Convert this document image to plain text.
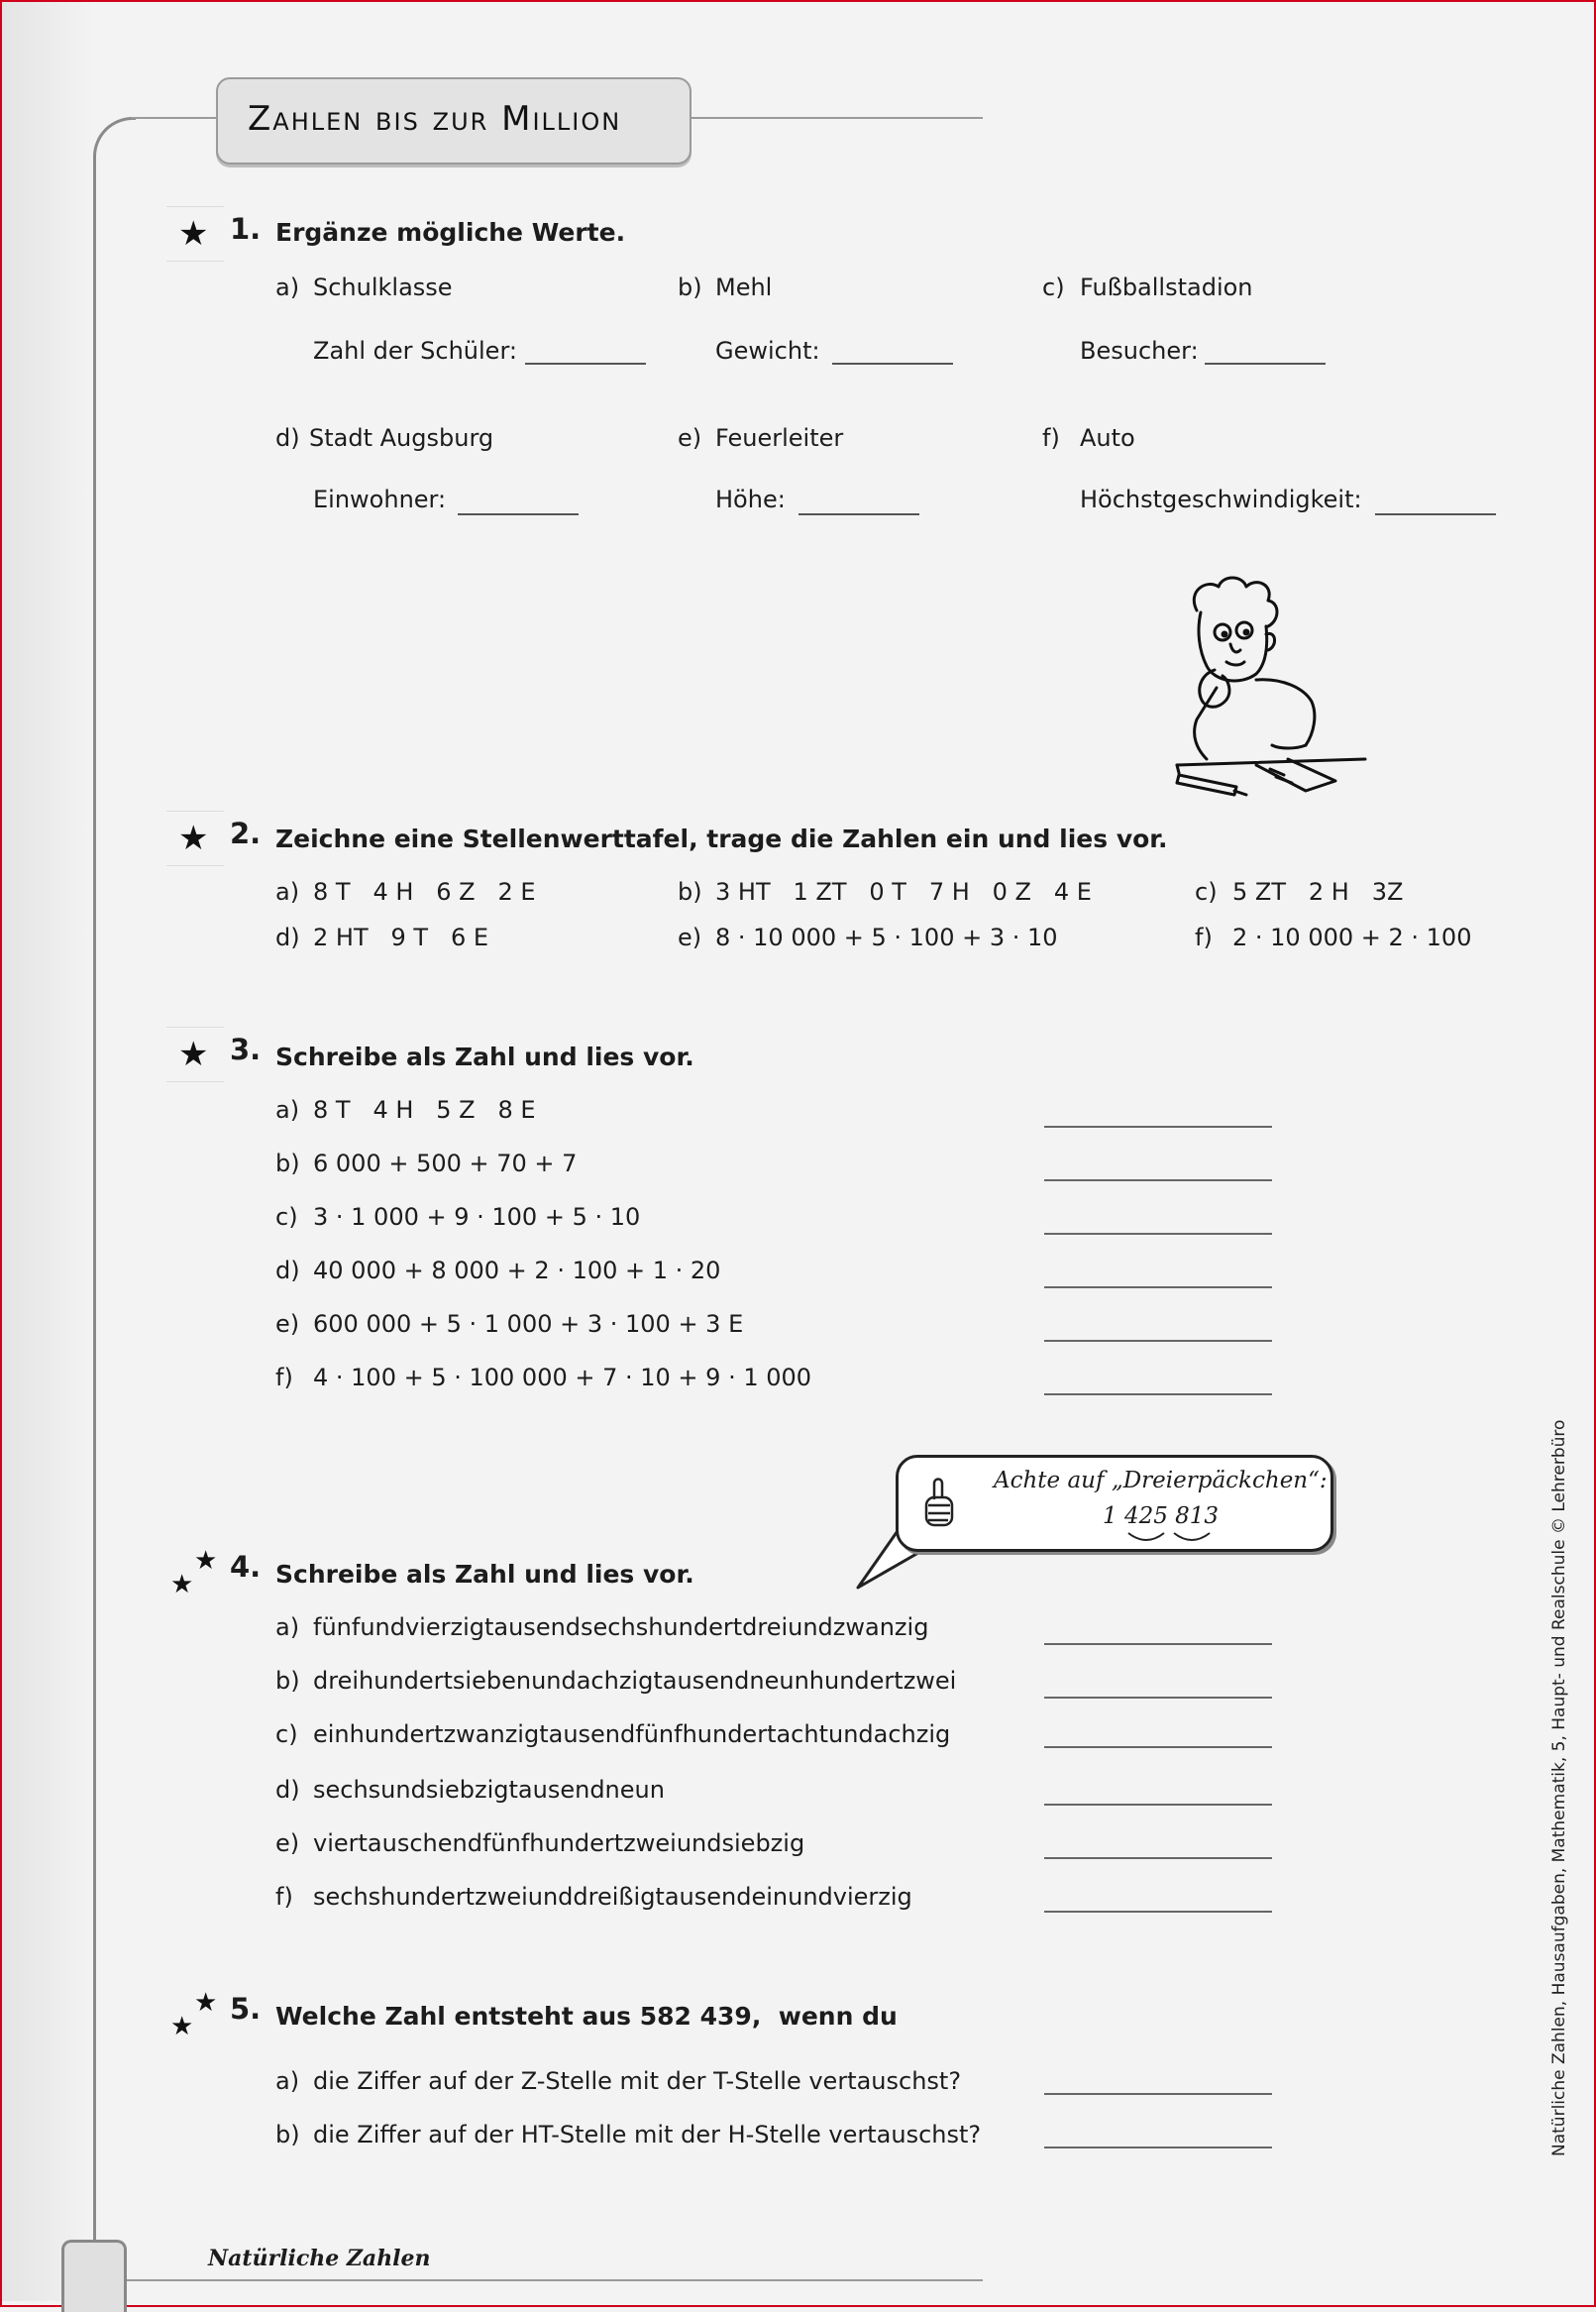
Zahlen bis zur Million
★ 1. Ergänze mögliche Werte.
a) Schulklasse
Zahl der Schüler:
b) Mehl
Gewicht:
c) Fußballstadion
Besucher:
d) Stadt Augsburg
Einwohner:
e) Feuerleiter
Höhe:
f) Auto
Höchstgeschwindigkeit:
★ 2. Zeichne eine Stellenwerttafel, trage die Zahlen ein und lies vor.
a) 8 T   4 H   6 Z   2 E	b) 3 HT   1 ZT   0 T   7 H   0 Z   4 E	c) 5 ZT   2 H   3Z
d) 2 HT   9 T   6 E	e) 8 · 10 000 + 5 · 100 + 3 · 10	f) 2 · 10 000 + 2 · 100
★ 3. Schreibe als Zahl und lies vor.
a) 8 T   4 H   5 Z   8 E
b) 6 000 + 500 + 70 + 7
c) 3 · 1 000 + 9 · 100 + 5 · 10
d) 40 000 + 8 000 + 2 · 100 + 1 · 20
e) 600 000 + 5 · 1 000 + 3 · 100 + 3 E
f) 4 · 100 + 5 · 100 000 + 7 · 10 + 9 · 1 000
Achte auf „Dreierpäckchen“:
1 425 813
★
★ 4. Schreibe als Zahl und lies vor.
a) fünfundvierzigtausendsechshundertdreiundzwanzig
b) dreihundertsiebenundachzigtausendneunhundertzwei
c) einhundertzwanzigtausendfünfhundertachtundachzig
d) sechsundsiebzigtausendneun
e) viertauschendfünfhundertzweiundsiebzig
f) sechshundertzweiunddreißigtausendeinundvierzig
★
★ 5. Welche Zahl entsteht aus 582 439,  wenn du
a) die Ziffer auf der Z-Stelle mit der T-Stelle vertauschst?
b) die Ziffer auf der HT-Stelle mit der H-Stelle vertauschst?
Natürliche Zahlen
Natürliche Zahlen, Hausaufgaben, Mathematik, 5, Haupt- und Realschule © Lehrerbüro
